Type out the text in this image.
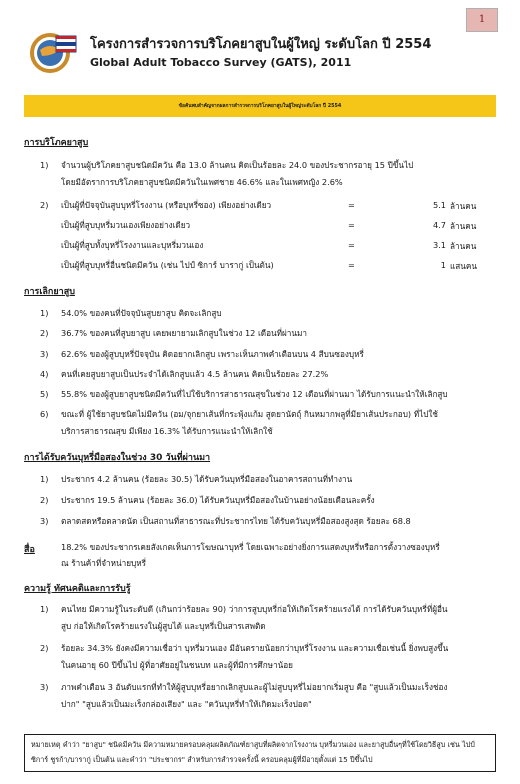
1
โครงการสำรวจการบริโภคยาสูบในผู้ใหญ่ ระดับโลก ปี 2554
Global Adult Tobacco Survey (GATS), 2011
ข้อค้นพบสำคัญจากผลการสำรวจการบริโภคยาสูบในผู้ใหญ่ระดับโลก ปี 2554
การบริโภคยาสูบ
1) จำนวนผู้บริโภคยาสูบชนิดมีควัน คือ 13.0 ล้านคน คิดเป็นร้อยละ 24.0 ของประชากรอายุ 15 ปีขึ้นไป
โดยมีอัตราการบริโภคยาสูบชนิดมีควันในเพศชาย 46.6% และในเพศหญิง 2.6%
2) เป็นผู้ที่ปัจจุบันสูบบุหรี่โรงงาน (หรือบุหรี่ซอง) เพียงอย่างเดียว	=	5.1 ล้านคน
เป็นผู้ที่สูบบุหรี่มวนเองเพียงอย่างเดียว	=	4.7 ล้านคน
เป็นผู้ที่สูบทั้งบุหรี่โรงงานและบุหรี่มวนเอง	=	3.1 ล้านคน
เป็นผู้ที่สูบบุหรี่อื่นชนิดมีควัน (เช่น ไปป์ ซิการ์ บารากู่ เป็นต้น)	=	1 แสนคน
การเลิกยาสูบ
1) 54.0% ของคนที่ปัจจุบันสูบยาสูบ คิดจะเลิกสูบ
2) 36.7% ของคนที่สูบยาสูบ เคยพยายามเลิกสูบในช่วง 12 เดือนที่ผ่านมา
3) 62.6% ของผู้สูบบุหรี่ปัจจุบัน คิดอยากเลิกสูบ เพราะเห็นภาพคำเตือนบน 4 สีบนซองบุหรี่
4) คนที่เคยสูบยาสูบเป็นประจำได้เลิกสูบแล้ว 4.5 ล้านคน คิดเป็นร้อยละ 27.2%
5) 55.8% ของผู้สูบยาสูบชนิดมีควันที่ไปใช้บริการสาธารณสุขในช่วง 12 เดือนที่ผ่านมา ได้รับการแนะนำให้เลิกสูบ
6) ขณะที่ ผู้ใช้ยาสูบชนิดไม่มีควัน (อม/จุกยาเส้นที่กระพุ้งแก้ม สูดยานัตถุ์ กินหมากพลูที่มียาเส้นประกอบ) ที่ไปใช้
บริการสาธารณสุข มีเพียง 16.3% ได้รับการแนะนำให้เลิกใช้
การได้รับควันบุหรี่มือสองในช่วง 30 วันที่ผ่านมา
1) ประชากร 4.2 ล้านคน (ร้อยละ 30.5) ได้รับควันบุหรี่มือสองในอาคารสถานที่ทำงาน
2) ประชากร 19.5 ล้านคน (ร้อยละ 36.0) ได้รับควันบุหรี่มือสองในบ้านอย่างน้อยเดือนละครั้ง
3) ตลาดสดหรือตลาดนัด เป็นสถานที่สาธารณะที่ประชากรไทย ได้รับควันบุหรี่มือสองสูงสุด ร้อยละ 68.8
สื่อ	18.2% ของประชากรเคยสังเกตเห็นการโฆษณาบุหรี่ โดยเฉพาะอย่างยิ่งการแสดงบุหรี่หรือการตั้งวางซองบุหรี่
ณ ร้านค้าที่จำหน่ายบุหรี่
ความรู้ ทัศนคติและการรับรู้
1) คนไทย มีความรู้ในระดับดี (เกินกว่าร้อยละ 90) ว่าการสูบบุหรี่ก่อให้เกิดโรคร้ายแรงได้ การได้รับควันบุหรี่ที่ผู้อื่น
สูบ ก่อให้เกิดโรคร้ายแรงในผู้สูบได้ และบุหรี่เป็นสารเสพติด
2) ร้อยละ 34.3% ยังคงมีความเชื่อว่า บุหรี่มวนเอง มีอันตรายน้อยกว่าบุหรี่โรงงาน และความเชื่อเช่นนี้ ยิ่งพบสูงขึ้น
ในคนอายุ 60 ปีขึ้นไป ผู้ที่อาศัยอยู่ในชนบท และผู้ที่มีการศึกษาน้อย
3) ภาพคำเตือน 3 อันดับแรกที่ทำให้ผู้สูบบุหรี่อยากเลิกสูบและผู้ไม่สูบบุหรี่ไม่อยากเริ่มสูบ คือ "สูบแล้วเป็นมะเร็งช่อง
ปาก" "สูบแล้วเป็นมะเร็งกล่องเสียง" และ "ควันบุหรี่ทำให้เกิดมะเร็งปอด"
หมายเหตุ คำว่า "ยาสูบ" ชนิดมีควัน มีความหมายครอบคลุมผลิตภัณฑ์ยาสูบที่ผลิตจากโรงงาน บุหรี่มวนเอง และยาสูบอื่นๆที่ใช้โดยวิธีสูบ เช่น ไปป์
ซิการ์ ชูรก้า/บารากู่ เป็นต้น และคำว่า "ประชากร" สำหรับการสำรวจครั้งนี้ ครอบคลุมผู้ที่มีอายุตั้งแต่ 15 ปีขึ้นไป
